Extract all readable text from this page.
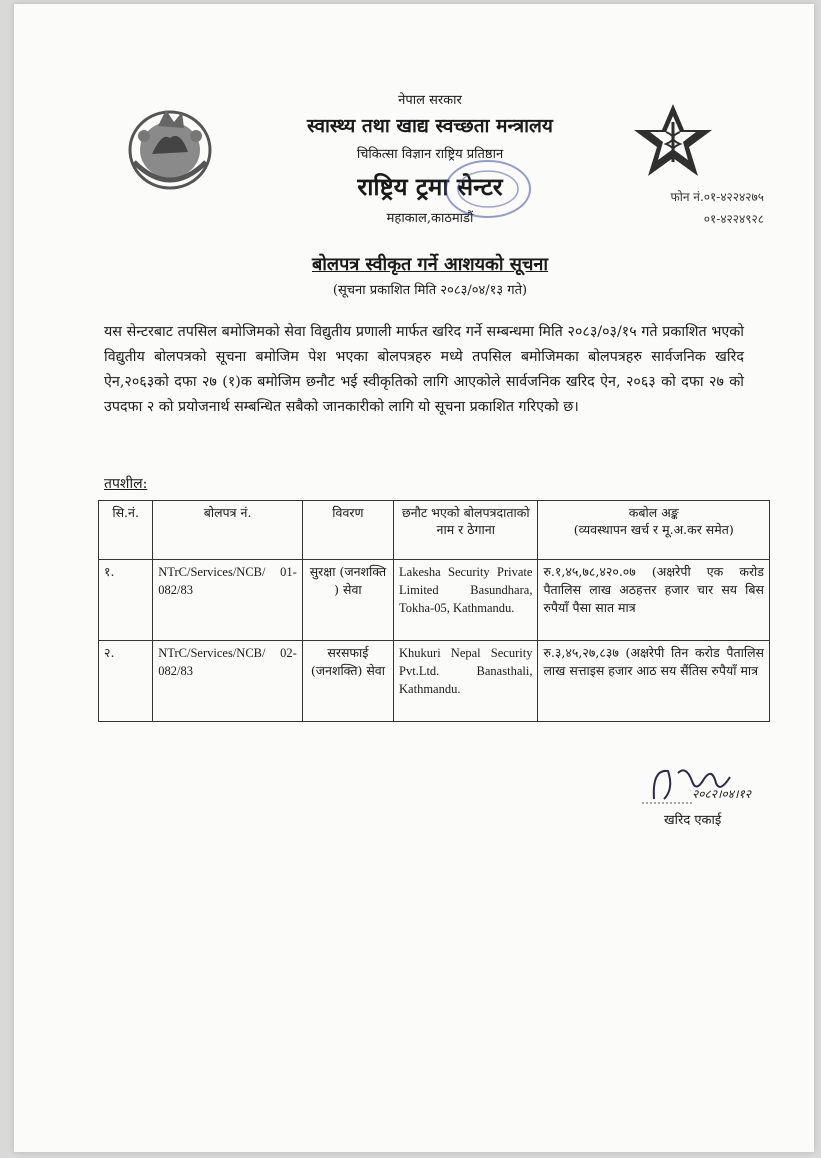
नेपाल सरकार
स्वास्थ्य तथा खाद्य स्वच्छता मन्त्रालय
चिकित्सा विज्ञान राष्ट्रिय प्रतिष्ठान
राष्ट्रिय ट्रमा सेन्टर
महाकाल,काठमाडौं
फोन नं.०१-४२२४२७५
०१-४२२४९२८
बोलपत्र स्वीकृत गर्ने आशयको सूचना
(सूचना प्रकाशित मिति २०८३/०४/१३ गते)
यस सेन्टरबाट तपसिल बमोजिमको सेवा विद्युतीय प्रणाली मार्फत खरिद गर्ने सम्बन्धमा मिति २०८३/०३/१५ गते प्रकाशित भएको विद्युतीय बोलपत्रको सूचना बमोजिम पेश भएका बोलपत्रहरु मध्ये तपसिल बमोजिमका बोलपत्रहरु सार्वजनिक खरिद ऐन,२०६३को दफा २७ (१)क बमोजिम छनौट भई स्वीकृतिको लागि आएकोले सार्वजनिक खरिद ऐन, २०६३ को दफा २७ को उपदफा २ को प्रयोजनार्थ सम्बन्धित सबैको जानकारीको लागि यो सूचना प्रकाशित गरिएको छ।
तपशील:
सि.नं.	बोलपत्र नं.	विवरण	छनौट भएको बोलपत्रदाताको नाम र ठेगाना	कबोल अङ्क
(व्यवस्थापन खर्च र मू.अ.कर समेत)

१.	NTrC/Services/NCB/ 01-082/83	सुरक्षा (जनशक्ति ) सेवा	Lakesha Security Private Limited Basundhara, Tokha-05, Kathmandu.	रु.१,४५,७८,४२०.०७ (अक्षरेपी एक करोड पैतालिस लाख अठहत्तर हजार चार सय बिस रुपैयाँ पैसा सात मात्र
२.	NTrC/Services/NCB/ 02-082/83	सरसफाई (जनशक्ति) सेवा	Khukuri Nepal Security Pvt.Ltd. Banasthali, Kathmandu.	रु.३,४५,२७,८३७ (अक्षरेपी तिन करोड पैतालिस लाख सत्ताइस हजार आठ सय सैंतिस रुपैयाँ मात्र
२०८२।०४।१२
खरिद एकाई
